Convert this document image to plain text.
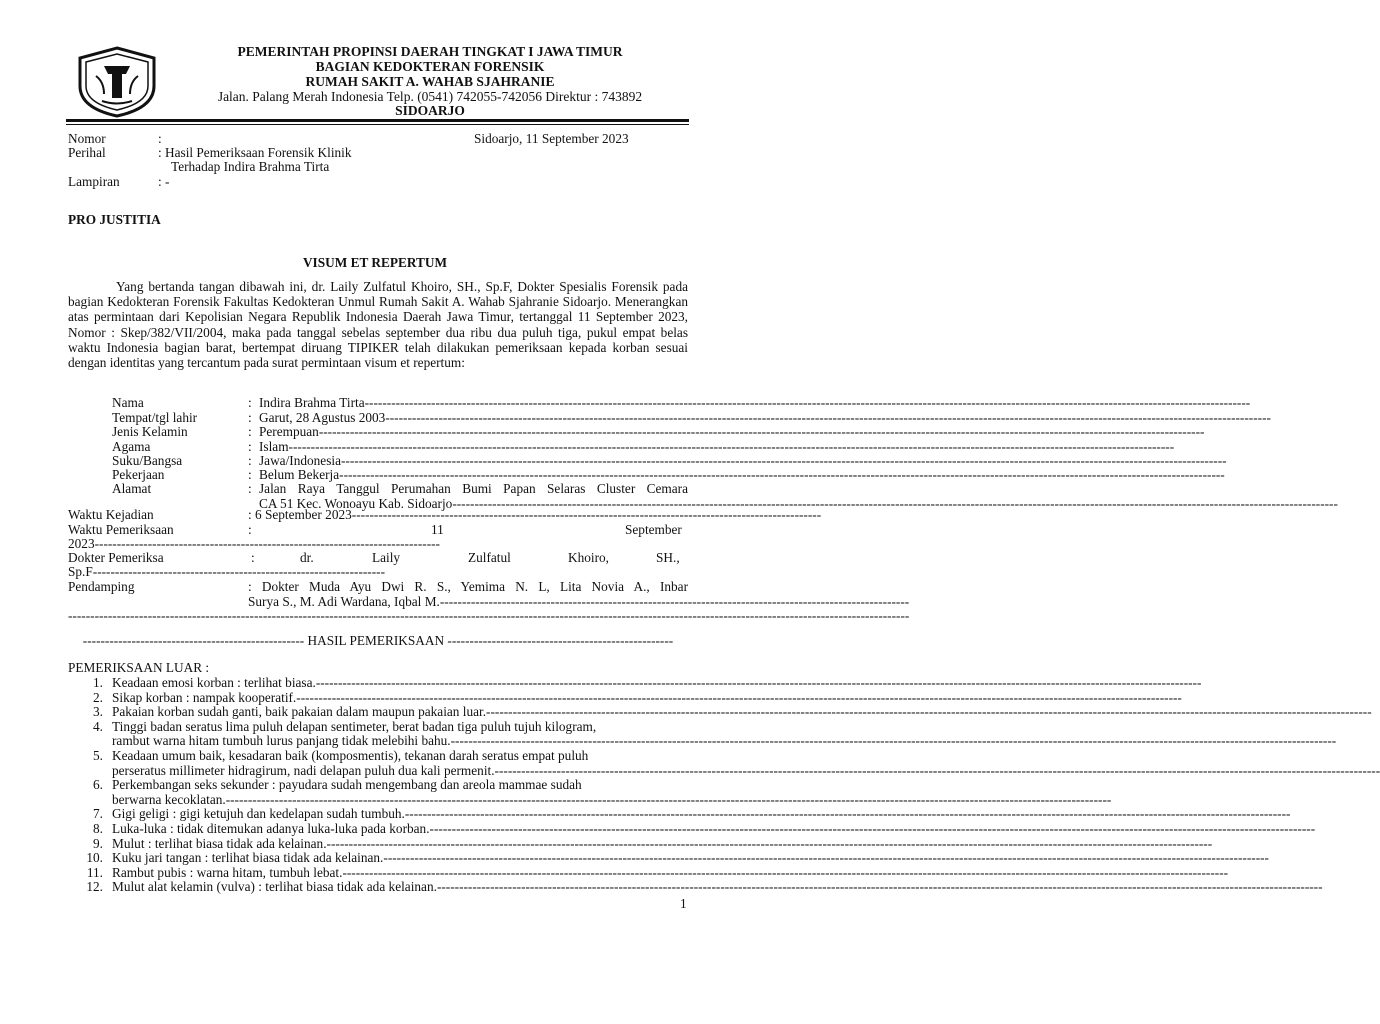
PEMERINTAH PROPINSI DAERAH TINGKAT I JAWA TIMUR
BAGIAN KEDOKTERAN FORENSIK
RUMAH SAKIT A. WAHAB SJAHRANIE
Jalan. Palang Merah Indonesia Telp. (0541) 742055-742056 Direktur : 743892
SIDOARJO
Nomor	:	Sidoarjo, 11 September 2023
Perihal	: Hasil Pemeriksaan Forensik Klinik
Terhadap Indira Brahma Tirta
Lampiran	: -
PRO JUSTITIA
VISUM ET REPERTUM
Yang bertanda tangan dibawah ini, dr. Laily Zulfatul Khoiro, SH., Sp.F, Dokter Spesialis Forensik pada bagian Kedokteran Forensik Fakultas Kedokteran Unmul Rumah Sakit A. Wahab Sjahranie Sidoarjo. Menerangkan atas permintaan dari Kepolisian Negara Republik Indonesia Daerah Jawa Timur, tertanggal 11 September 2023, Nomor : Skep/382/VII/2004, maka pada tanggal sebelas september dua ribu dua puluh tiga, pukul empat belas waktu Indonesia bagian barat, bertempat diruang TIPIKER telah dilakukan pemeriksaan kepada korban sesuai dengan identitas yang tercantum pada surat permintaan visum et repertum:
Nama	: Indira Brahma Tirta--------------------------------------------------------------------------------------------------------------------------------------------------------------------------------------------------------
Tempat/tgl lahir	: Garut, 28 Agustus 2003--------------------------------------------------------------------------------------------------------------------------------------------------------------------------------------------------------
Jenis Kelamin	: Perempuan--------------------------------------------------------------------------------------------------------------------------------------------------------------------------------------------------------
Agama	: Islam--------------------------------------------------------------------------------------------------------------------------------------------------------------------------------------------------------
Suku/Bangsa	: Jawa/Indonesia--------------------------------------------------------------------------------------------------------------------------------------------------------------------------------------------------------
Pekerjaan	: Belum Bekerja--------------------------------------------------------------------------------------------------------------------------------------------------------------------------------------------------------
Alamat	: Jalan Raya Tanggul Perumahan Bumi Papan Selaras Cluster Cemara
CA 51 Kec. Wonoayu Kab. Sidoarjo--------------------------------------------------------------------------------------------------------------------------------------------------------------------------------------------------------
Waktu Kejadian	: 6 September 2023----------------------------------------------------------------------------------------------------------
Waktu Pemeriksaan	:	11	September
2023------------------------------------------------------------------------------
Dokter Pemeriksa	:	dr.	Laily	Zulfatul	Khoiro,	SH.,
Sp.F------------------------------------------------------------------
Pendamping	: Dokter Muda Ayu Dwi R. S., Yemima N. L, Lita Novia A., Inbar
Surya S., M. Adi Wardana, Iqbal M.----------------------------------------------------------------------------------------------------------
----------------------------------------------------------------------------------------------------------------------------------------------------------------------------------------------
-------------------------------------------------- HASIL PEMERIKSAAN ---------------------------------------------------
PEMERIKSAAN LUAR :
1. Keadaan emosi korban : terlihat biasa.--------------------------------------------------------------------------------------------------------------------------------------------------------------------------------------------------------
2. Sikap korban : nampak kooperatif.--------------------------------------------------------------------------------------------------------------------------------------------------------------------------------------------------------
3. Pakaian korban sudah ganti, baik pakaian dalam maupun pakaian luar.--------------------------------------------------------------------------------------------------------------------------------------------------------------------------------------------------------
4. Tinggi badan seratus lima puluh delapan sentimeter, berat badan tiga puluh tujuh kilogram,
rambut warna hitam tumbuh lurus panjang tidak melebihi bahu.--------------------------------------------------------------------------------------------------------------------------------------------------------------------------------------------------------
5. Keadaan umum baik, kesadaran baik (komposmentis), tekanan darah seratus empat puluh
perseratus millimeter hidragirum, nadi delapan puluh dua kali permenit.--------------------------------------------------------------------------------------------------------------------------------------------------------------------------------------------------------
6. Perkembangan seks sekunder : payudara sudah mengembang dan areola mammae sudah
berwarna kecoklatan.--------------------------------------------------------------------------------------------------------------------------------------------------------------------------------------------------------
7. Gigi geligi : gigi ketujuh dan kedelapan sudah tumbuh.--------------------------------------------------------------------------------------------------------------------------------------------------------------------------------------------------------
8. Luka-luka : tidak ditemukan adanya luka-luka pada korban.--------------------------------------------------------------------------------------------------------------------------------------------------------------------------------------------------------
9. Mulut : terlihat biasa tidak ada kelainan.--------------------------------------------------------------------------------------------------------------------------------------------------------------------------------------------------------
10. Kuku jari tangan : terlihat biasa tidak ada kelainan.--------------------------------------------------------------------------------------------------------------------------------------------------------------------------------------------------------
11. Rambut pubis : warna hitam, tumbuh lebat.--------------------------------------------------------------------------------------------------------------------------------------------------------------------------------------------------------
12. Mulut alat kelamin (vulva) : terlihat biasa tidak ada kelainan.--------------------------------------------------------------------------------------------------------------------------------------------------------------------------------------------------------
1
